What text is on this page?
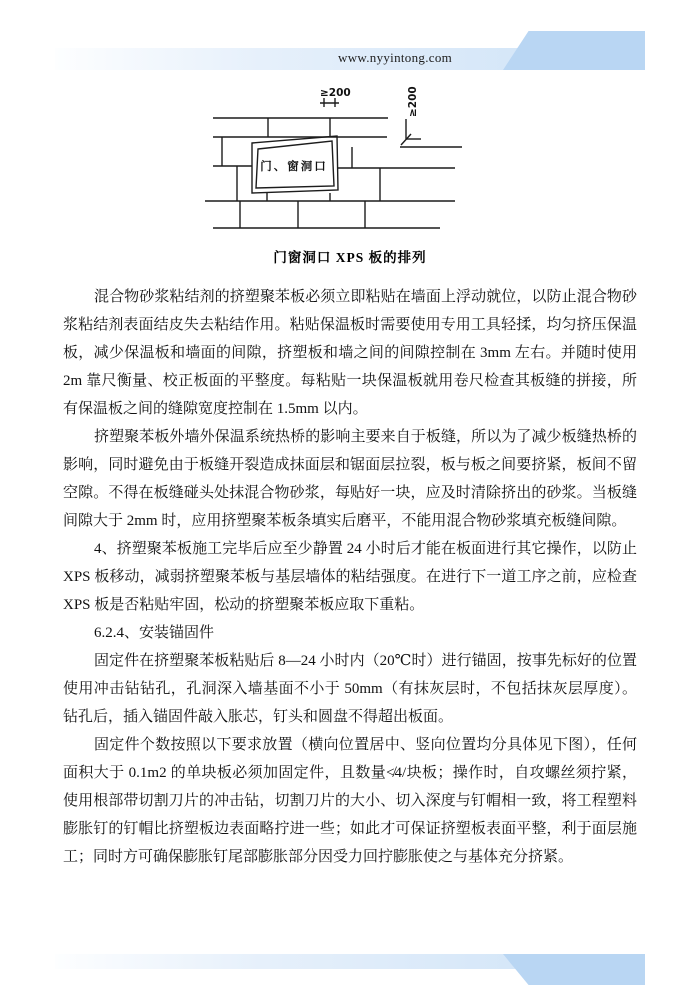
www.nyyintong.com
≥200	≥200
门、窗洞口
门窗洞口 XPS 板的排列

混合物砂浆粘结剂的挤塑聚苯板必须立即粘贴在墙面上浮动就位，以防止混合物砂浆粘结剂表面结皮失去粘结作用。粘贴保温板时需要使用专用工具轻揉，均匀挤压保温板，减少保温板和墙面的间隙，挤塑板和墙之间的间隙控制在 3mm 左右。并随时使用 2m 靠尺衡量、校正板面的平整度。每粘贴一块保温板就用卷尺检查其板缝的拼接，所有保温板之间的缝隙宽度控制在 1.5mm 以内。

挤塑聚苯板外墙外保温系统热桥的影响主要来自于板缝，所以为了减少板缝热桥的影响，同时避免由于板缝开裂造成抹面层和锯面层拉裂，板与板之间要挤紧，板间不留空隙。不得在板缝碰头处抹混合物砂浆，每贴好一块，应及时清除挤出的砂浆。当板缝间隙大于 2mm 时，应用挤塑聚苯板条填实后磨平，不能用混合物砂浆填充板缝间隙。

4、挤塑聚苯板施工完毕后应至少静置 24 小时后才能在板面进行其它操作，以防止 XPS 板移动，减弱挤塑聚苯板与基层墙体的粘结强度。在进行下一道工序之前，应检查 XPS 板是否粘贴牢固，松动的挤塑聚苯板应取下重粘。

6.2.4、安装锚固件

固定件在挤塑聚苯板粘贴后 8—24 小时内（20℃时）进行锚固，按事先标好的位置使用冲击钻钻孔，孔洞深入墙基面不小于 50mm（有抹灰层时，不包括抹灰层厚度）。钻孔后，插入锚固件敲入胀芯，钉头和圆盘不得超出板面。

固定件个数按照以下要求放置（横向位置居中、竖向位置均分具体见下图），任何面积大于 0.1m2 的单块板必须加固定件，且数量≮4/块板；操作时，自攻螺丝须拧紧，使用根部带切割刀片的冲击钻，切割刀片的大小、切入深度与钉帽相一致，将工程塑料膨胀钉的钉帽比挤塑板边表面略拧进一些；如此才可保证挤塑板表面平整，利于面层施工；同时方可确保膨胀钉尾部膨胀部分因受力回拧膨胀使之与基体充分挤紧。
